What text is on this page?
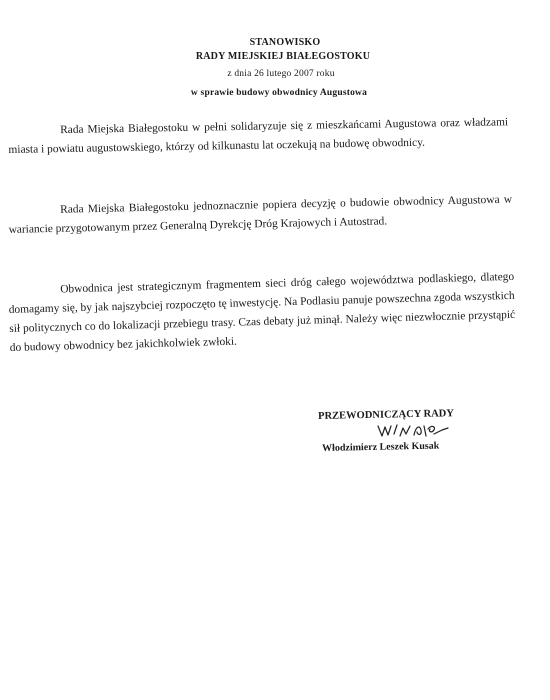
STANOWISKO
RADY MIEJSKIEJ BIAŁEGOSTOKU
z dnia 26 lutego 2007 roku
w sprawie budowy obwodnicy Augustowa

Rada Miejska Białegostoku w pełni solidaryzuje się z mieszkańcami Augustowa oraz władzami miasta i powiatu augustowskiego, którzy od kilkunastu lat oczekują na budowę obwodnicy.

Rada Miejska Białegostoku jednoznacznie popiera decyzję o budowie obwodnicy Augustowa w wariancie przygotowanym przez Generalną Dyrekcję Dróg Krajowych i Autostrad.

Obwodnica jest strategicznym fragmentem sieci dróg całego województwa podlaskiego, dlatego domagamy się, by jak najszybciej rozpoczęto tę inwestycję. Na Podlasiu panuje powszechna zgoda wszystkich sił politycznych co do lokalizacji przebiegu trasy. Czas debaty już minął. Należy więc niezwłocznie przystąpić do budowy obwodnicy bez jakichkolwiek zwłoki.

PRZEWODNICZĄCY RADY
Włodzimierz Leszek Kusak
